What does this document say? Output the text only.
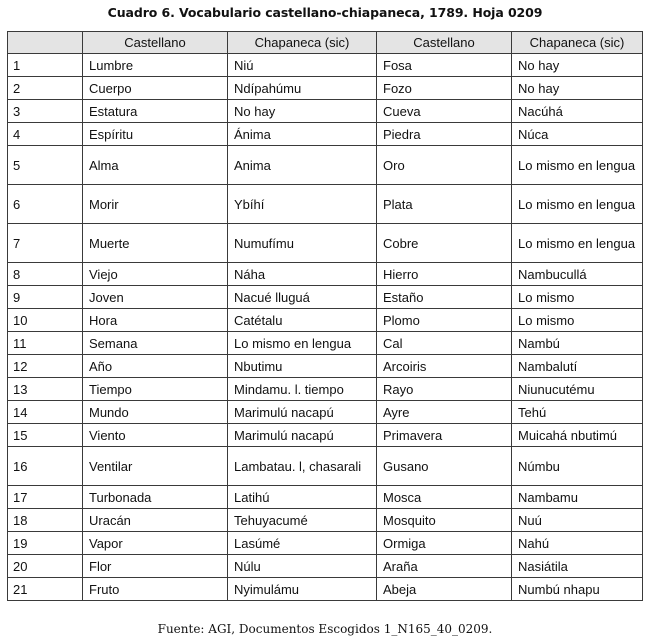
Cuadro 6. Vocabulario castellano-chiapaneca, 1789. Hoja 0209
	Castellano	Chapaneca (sic)	Castellano	Chapaneca (sic)
1	Lumbre	Niú	Fosa	No hay
2	Cuerpo	Ndípahúmu	Fozo	No hay
3	Estatura	No hay	Cueva	Nacúhá
4	Espíritu	Ánima	Piedra	Núca
5	Alma	Anima	Oro	Lo mismo en lengua
6	Morir	Ybíhí	Plata	Lo mismo en lengua
7	Muerte	Numufímu	Cobre	Lo mismo en lengua
8	Viejo	Náha	Hierro	Nambucullá
9	Joven	Nacué lluguá	Estaño	Lo mismo
10	Hora	Catétalu	Plomo	Lo mismo
11	Semana	Lo mismo en lengua	Cal	Nambú
12	Año	Nbutimu	Arcoiris	Nambalutí
13	Tiempo	Mindamu. l. tiempo	Rayo	Niunucutému
14	Mundo	Marimulú nacapú	Ayre	Tehú
15	Viento	Marimulú nacapú	Primavera	Muicahá nbutimú
16	Ventilar	Lambatau. l, chasarali	Gusano	Númbu
17	Turbonada	Latihú	Mosca	Nambamu
18	Uracán	Tehuyacumé	Mosquito	Nuú
19	Vapor	Lasúmé	Ormiga	Nahú
20	Flor	Núlu	Araña	Nasiátila
21	Fruto	Nyimulámu	Abeja	Numbú nhapu
Fuente: AGI, Documentos Escogidos 1_N165_40_0209.
